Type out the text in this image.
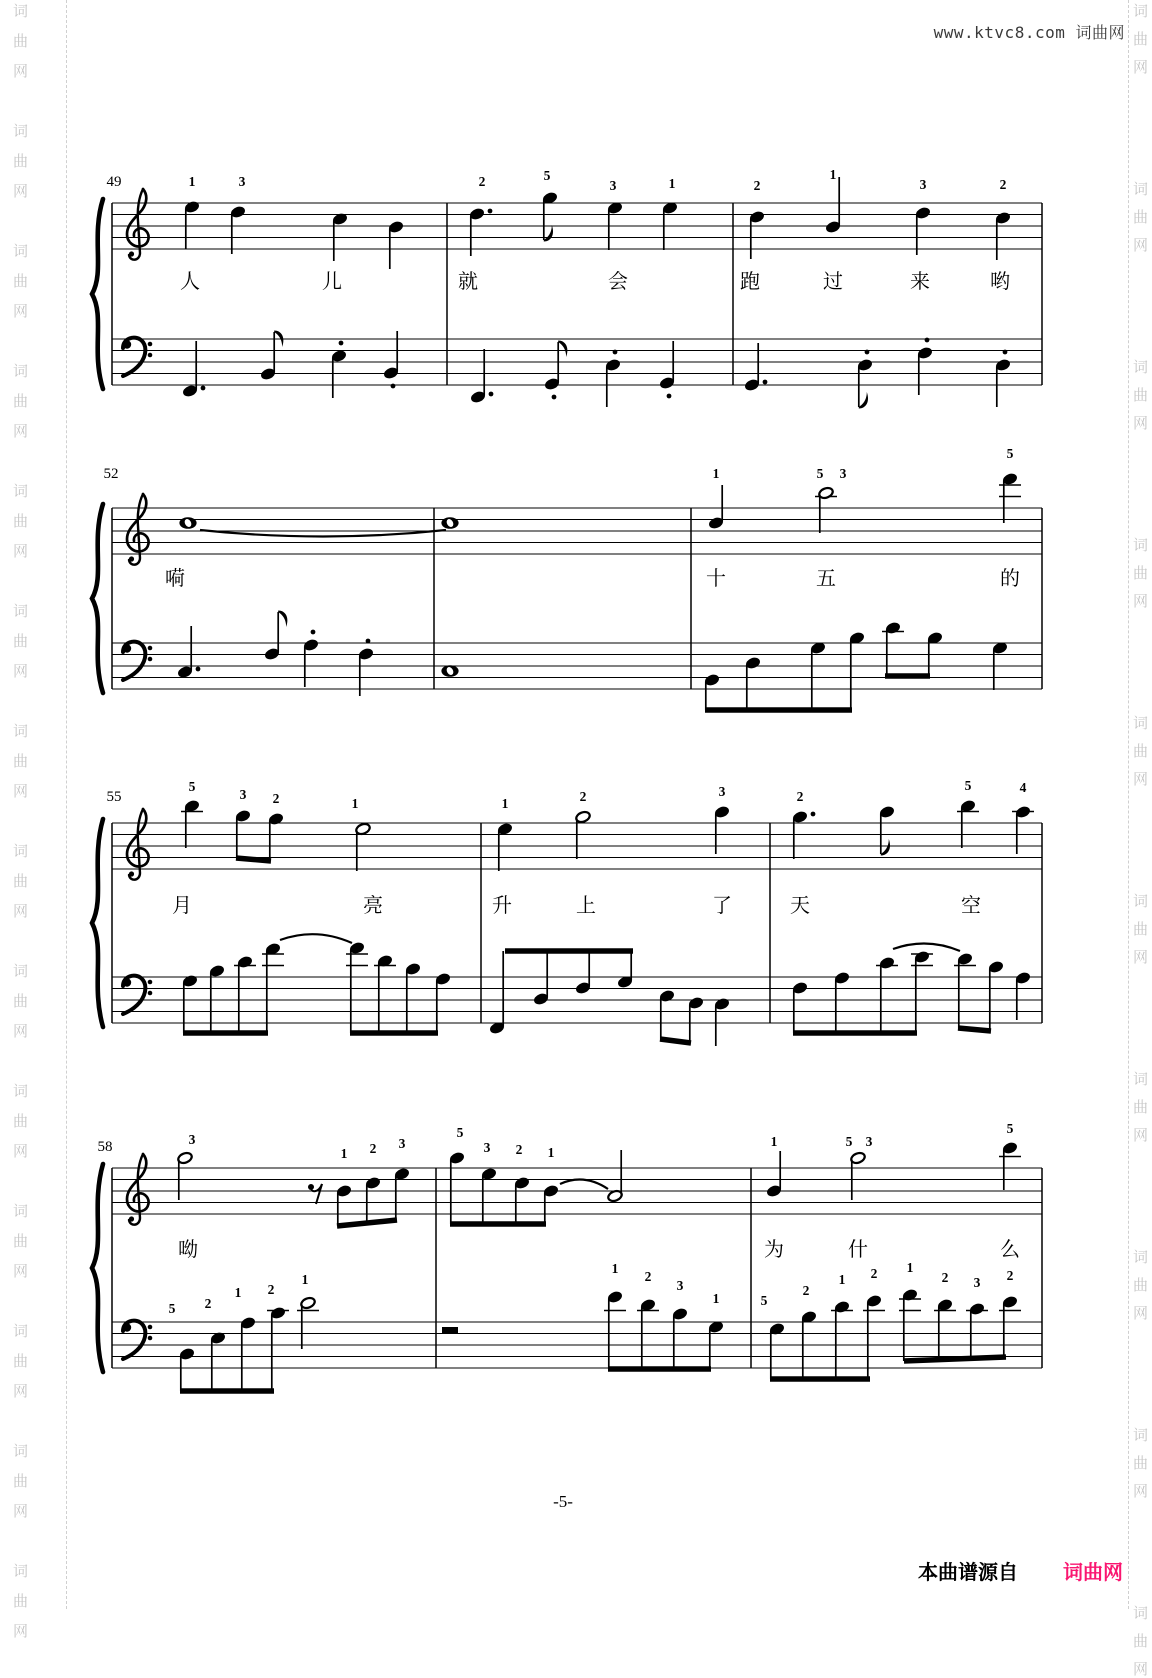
词
曲
网
词
曲
网
词
曲
网
词
曲
网
词
曲
网
词
曲
网
词
曲
网
词
曲
网
词
曲
网
词
曲
网
词
曲
网
词
曲
网
词
曲
网
词
曲
网
词
曲
网
词
曲
网
词
曲
网
词
曲
网
词
曲
网
词
曲
网
词
曲
网
词
曲
网
词
曲
网
词
曲
网
www.ktvc8.com 词曲网
49	1	3	2	5
3	1	2
1
3	2
人	儿	就	会	跑	过	来	哟
52	1	5 3
5
嗬	十	五	的
55
5
3 2	1	1	2	3	2
5	4
月	亮	升	上	了	天	空
58	3
1 2 3
5
3 2 1
1	5 3
5
5 2
1 2
1
1
2
3
1	5
2
1 2 1
2 3 2
呦	为	什	么
-5-
本曲谱源自 词曲网
